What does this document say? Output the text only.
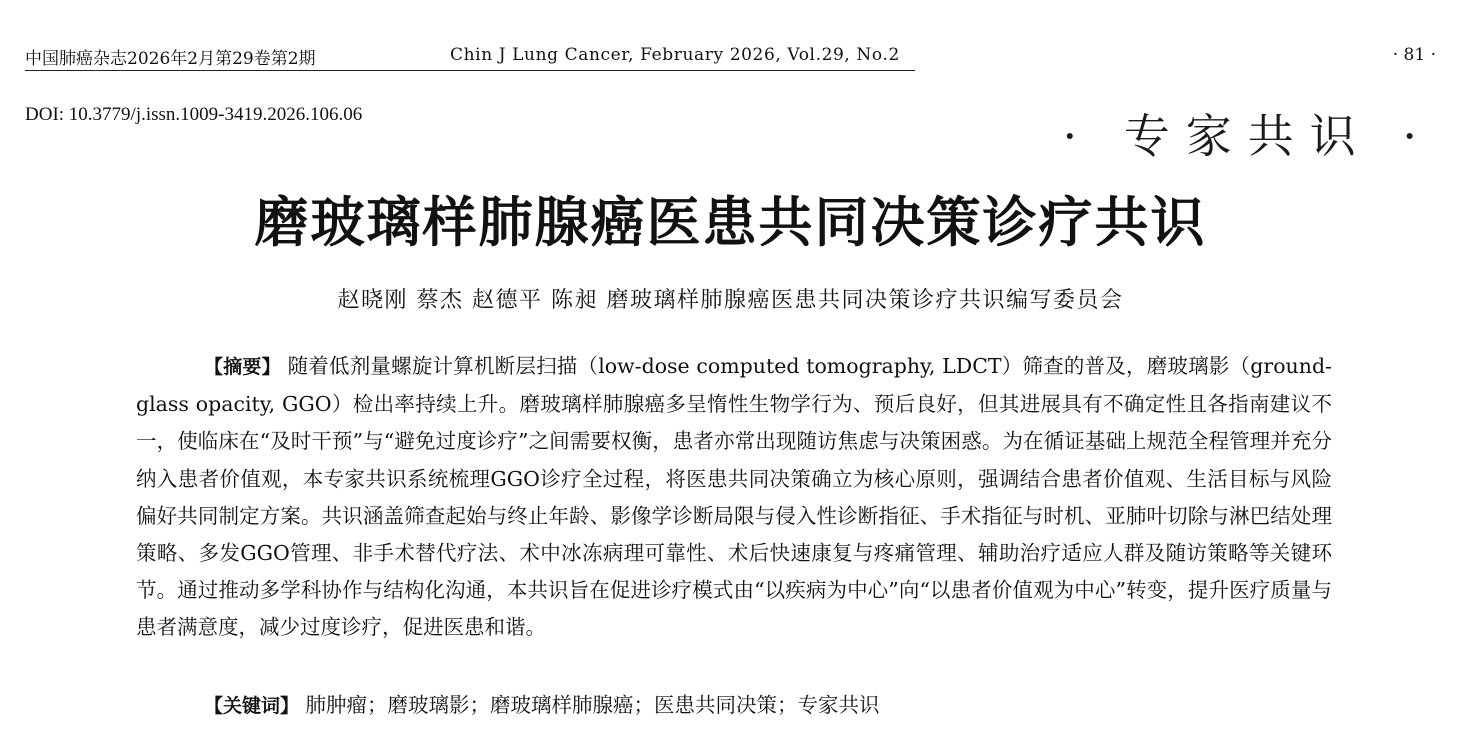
中国肺癌杂志2026年2月第29卷第2期	Chin J Lung Cancer, February 2026, Vol.29, No.2	· 81 ·
DOI: 10.3779/j.issn.1009-3419.2026.106.06	· 专家共识 ·
磨玻璃样肺腺癌医患共同决策诊疗共识
赵晓刚 蔡杰 赵德平 陈昶 磨玻璃样肺腺癌医患共同决策诊疗共识编写委员会
【摘要】 随着低剂量螺旋计算机断层扫描（low-dose computed tomography, LDCT）筛查的普及，磨玻璃影（ground-glass opacity, GGO）检出率持续上升。磨玻璃样肺腺癌多呈惰性生物学行为、预后良好，但其进展具有不确定性且各指南建议不一，使临床在“及时干预”与“避免过度诊疗”之间需要权衡，患者亦常出现随访焦虑与决策困惑。为在循证基础上规范全程管理并充分纳入患者价值观，本专家共识系统梳理GGO诊疗全过程，将医患共同决策确立为核心原则，强调结合患者价值观、生活目标与风险偏好共同制定方案。共识涵盖筛查起始与终止年龄、影像学诊断局限与侵入性诊断指征、手术指征与时机、亚肺叶切除与淋巴结处理策略、多发GGO管理、非手术替代疗法、术中冰冻病理可靠性、术后快速康复与疼痛管理、辅助治疗适应人群及随访策略等关键环节。通过推动多学科协作与结构化沟通，本共识旨在促进诊疗模式由“以疾病为中心”向“以患者价值观为中心”转变，提升医疗质量与患者满意度，减少过度诊疗，促进医患和谐。
【关键词】 肺肿瘤；磨玻璃影；磨玻璃样肺腺癌；医患共同决策；专家共识
